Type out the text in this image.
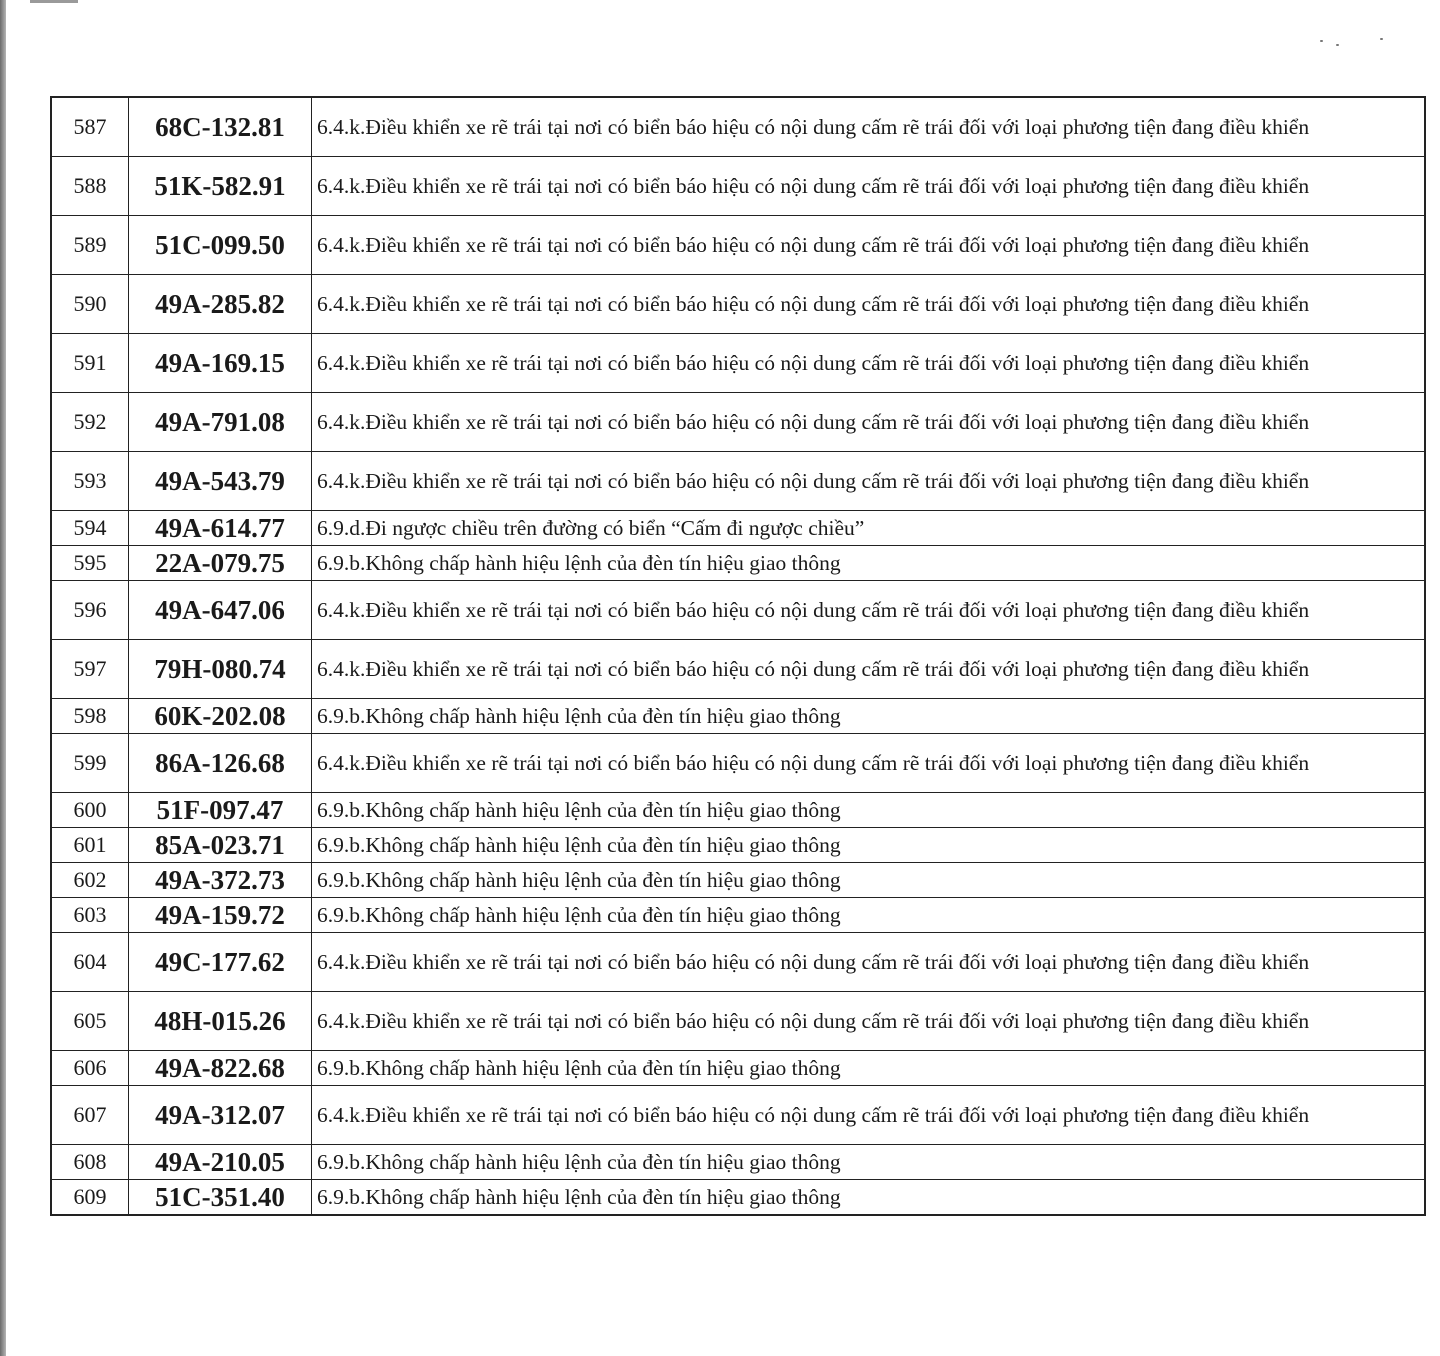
587	68C-132.81	6.4.k.Điều khiển xe rẽ trái tại nơi có biển báo hiệu có nội dung cấm rẽ trái đối với loại phương tiện đang điều khiển
588	51K-582.91	6.4.k.Điều khiển xe rẽ trái tại nơi có biển báo hiệu có nội dung cấm rẽ trái đối với loại phương tiện đang điều khiển
589	51C-099.50	6.4.k.Điều khiển xe rẽ trái tại nơi có biển báo hiệu có nội dung cấm rẽ trái đối với loại phương tiện đang điều khiển
590	49A-285.82	6.4.k.Điều khiển xe rẽ trái tại nơi có biển báo hiệu có nội dung cấm rẽ trái đối với loại phương tiện đang điều khiển
591	49A-169.15	6.4.k.Điều khiển xe rẽ trái tại nơi có biển báo hiệu có nội dung cấm rẽ trái đối với loại phương tiện đang điều khiển
592	49A-791.08	6.4.k.Điều khiển xe rẽ trái tại nơi có biển báo hiệu có nội dung cấm rẽ trái đối với loại phương tiện đang điều khiển
593	49A-543.79	6.4.k.Điều khiển xe rẽ trái tại nơi có biển báo hiệu có nội dung cấm rẽ trái đối với loại phương tiện đang điều khiển
594	49A-614.77	6.9.d.Đi ngược chiều trên đường có biển “Cấm đi ngược chiều”
595	22A-079.75	6.9.b.Không chấp hành hiệu lệnh của đèn tín hiệu giao thông
596	49A-647.06	6.4.k.Điều khiển xe rẽ trái tại nơi có biển báo hiệu có nội dung cấm rẽ trái đối với loại phương tiện đang điều khiển
597	79H-080.74	6.4.k.Điều khiển xe rẽ trái tại nơi có biển báo hiệu có nội dung cấm rẽ trái đối với loại phương tiện đang điều khiển
598	60K-202.08	6.9.b.Không chấp hành hiệu lệnh của đèn tín hiệu giao thông
599	86A-126.68	6.4.k.Điều khiển xe rẽ trái tại nơi có biển báo hiệu có nội dung cấm rẽ trái đối với loại phương tiện đang điều khiển
600	51F-097.47	6.9.b.Không chấp hành hiệu lệnh của đèn tín hiệu giao thông
601	85A-023.71	6.9.b.Không chấp hành hiệu lệnh của đèn tín hiệu giao thông
602	49A-372.73	6.9.b.Không chấp hành hiệu lệnh của đèn tín hiệu giao thông
603	49A-159.72	6.9.b.Không chấp hành hiệu lệnh của đèn tín hiệu giao thông
604	49C-177.62	6.4.k.Điều khiển xe rẽ trái tại nơi có biển báo hiệu có nội dung cấm rẽ trái đối với loại phương tiện đang điều khiển
605	48H-015.26	6.4.k.Điều khiển xe rẽ trái tại nơi có biển báo hiệu có nội dung cấm rẽ trái đối với loại phương tiện đang điều khiển
606	49A-822.68	6.9.b.Không chấp hành hiệu lệnh của đèn tín hiệu giao thông
607	49A-312.07	6.4.k.Điều khiển xe rẽ trái tại nơi có biển báo hiệu có nội dung cấm rẽ trái đối với loại phương tiện đang điều khiển
608	49A-210.05	6.9.b.Không chấp hành hiệu lệnh của đèn tín hiệu giao thông
609	51C-351.40	6.9.b.Không chấp hành hiệu lệnh của đèn tín hiệu giao thông
